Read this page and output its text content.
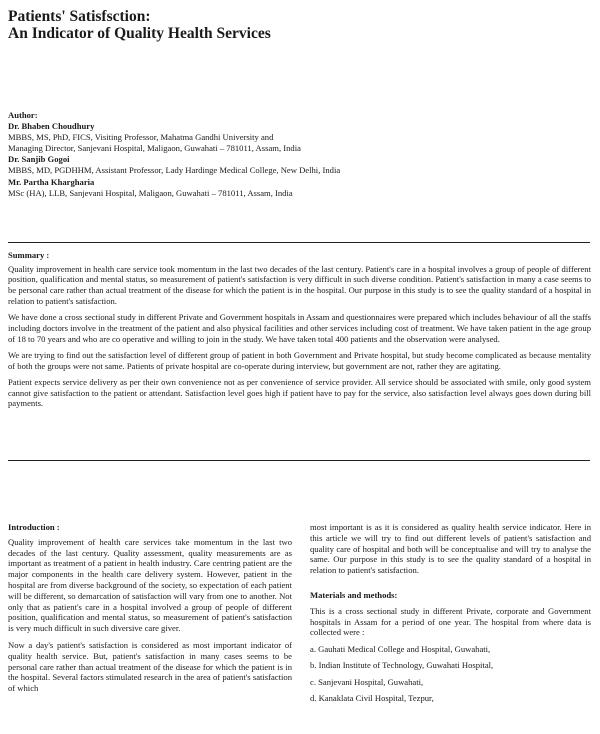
Patients' Satisfsction:
An Indicator of Quality Health Services
Author:
Dr. Bhaben Choudhury
MBBS, MS, PhD, FICS, Visiting Professor, Mahatma Gandhi University and
Managing Director, Sanjevani Hospital, Maligaon, Guwahati – 781011, Assam, India
Dr. Sanjib Gogoi
MBBS, MD, PGDHHM, Assistant Professor, Lady Hardinge Medical College, New Delhi, India
Mr. Partha Khargharia
MSc (HA), LLB, Sanjevani Hospital, Maligaon, Guwahati – 781011, Assam, India
Summary :

Quality improvement in health care service took momentum in the last two decades of the last century. Patient's care in a hospital involves a group of people of different position, qualification and mental status, so measurement of patient's satisfaction is very difficult in such diverse condition. Patient's satisfaction in many a case seems to be personal care rather than actual treatment of the disease for which the patient is in the hospital. Our purpose in this study is to see the quality standard of a hospital in relation to patient's satisfaction.

We have done a cross sectional study in different Private and Government hospitals in Assam and questionnaires were prepared which includes behaviour of all the staffs including doctors involve in the treatment of the patient and also physical facilities and other services including cost of treatment. We have taken patient in the age group of 18 to 70 years and who are co operative and willing to join in the study. We have taken total 400 patients and the observation were analysed.

We are trying to find out the satisfaction level of different group of patient in both Government and Private hospital, but study become complicated as because mentality of both the groups were not same. Patients of private hospital are co-operate during interview, but government are not, rather they are agitating.

Patient expects service delivery as per their own convenience not as per convenience of service provider. All service should be associated with smile, only good system cannot give satisfaction to the patient or attendant. Satisfaction level goes high if patient have to pay for the service, also satisfaction level always goes down during bill payments.

Introduction :

Quality improvement of health care services take momentum in the last two decades of the last century. Quality assessment, quality measurements are as important as treatment of a patient in health industry. Care centring patient are the major components in the health care delivery system. However, patient in the hospital are from diverse background of the society, so expectation of each patient will be different, so demarcation of satisfaction will vary from one to another. Not only that as patient's care in a hospital involved a group of people of different position, qualification and mental status, so measurement of patient's satisfaction is very much difficult in such diversive care giver.

Now a day's patient's satisfaction is considered as most important indicator of quality health service. But, patient's satisfaction in many cases seems to be personal care rather than actual treatment of the disease for which the patient is in the hospital. Several factors stimulated research in the area of patient's satisfaction of which

most important is as it is considered as quality health service indicator. Here in this article we will try to find out different levels of patient's satisfaction and quality care of hospital and both will be conceptualise and will try to analyse the same. Our purpose in this study is to see the quality standard of a hospital in relation to patient's satisfaction.

Materials and methods:

This is a cross sectional study in different Private, corporate and Government hospitals in Assam for a period of one year. The hospital from where data is collected were :

a. Gauhati Medical College and Hospital, Guwahati,
b. Indian Institute of Technology, Guwahati Hospital,
c. Sanjevani Hospital, Guwahati,
d. Kanaklata Civil Hospital, Tezpur,
